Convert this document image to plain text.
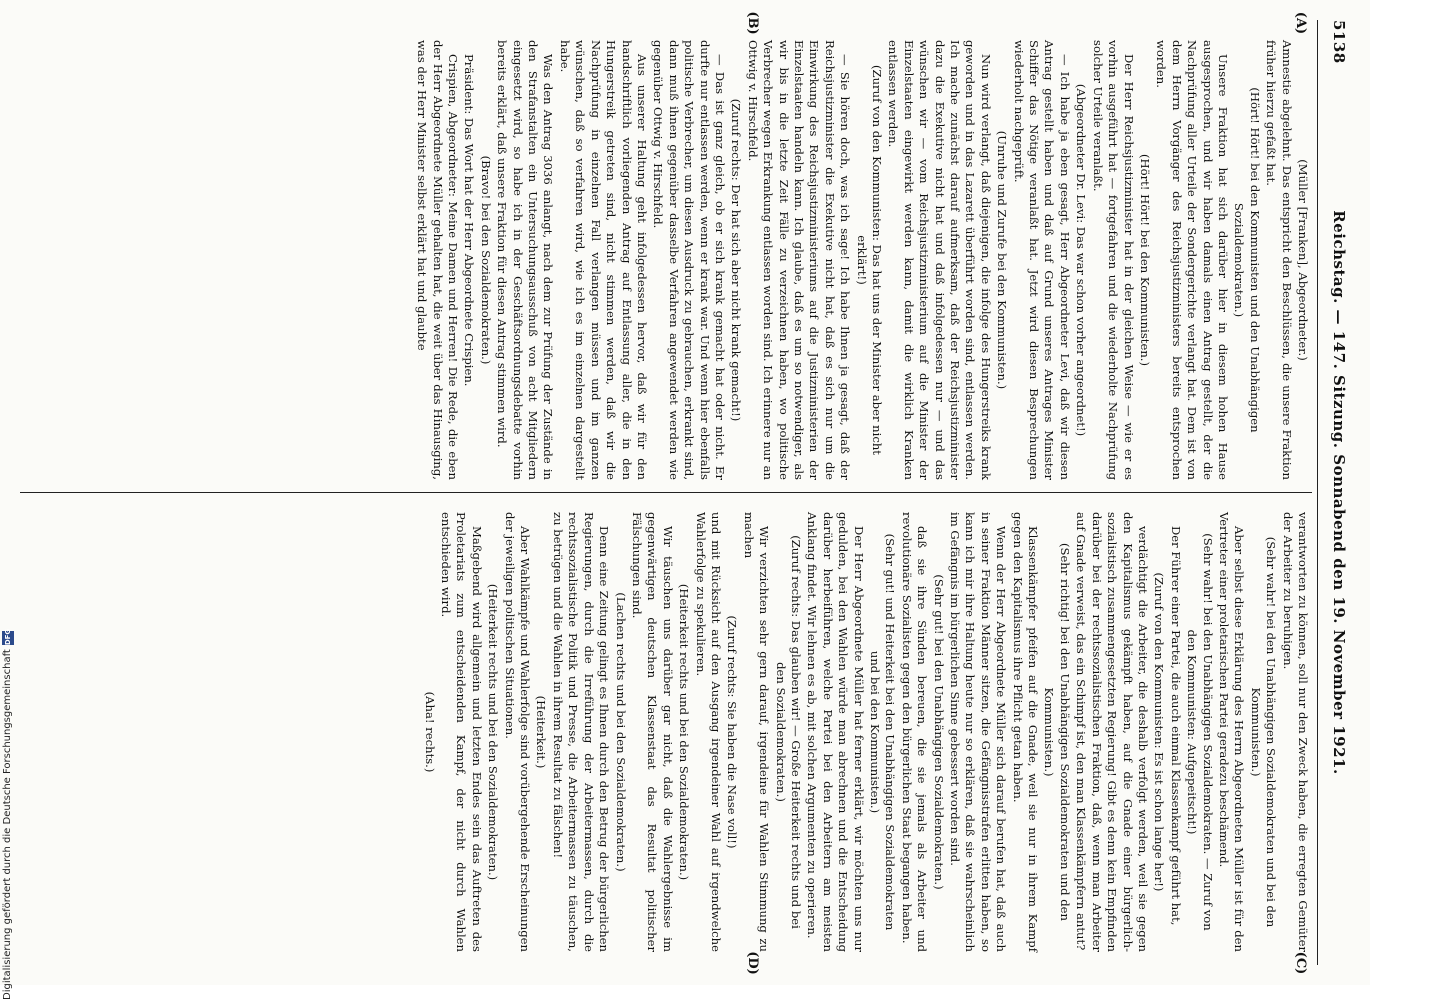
5138
Reichstag. — 147. Sitzung. Sonnabend den 19. November 1921.
(A)
(B)
(C)
(D)

(Müller [Franken], Abgeordneter.)

Amnestie abgelehnt. Das entspricht den Beschlüssen, die unsere Fraktion früher hierzu gefaßt hat.

(Hört! Hört! bei den Kommunisten und den Unabhängigen Sozialdemokraten.)

Unsere Fraktion hat sich darüber hier in diesem hohen Hause ausgesprochen, und wir haben damals einen Antrag gestellt, der die Nachprüfung aller Urteile der Sondergerichte verlangt hat. Dem ist von dem Herrn Vorgänger des Reichsjustizministers bereits entsprochen worden.

(Hört! Hört! bei den Kommunisten.)

Der Herr Reichsjustizminister hat in der gleichen Weise — wie er es vorhin ausgeführt hat — fortgefahren und die wiederholte Nachprüfung solcher Urteile veranlaßt.

(Abgeordneter Dr. Levi: Das war schon vorher angeordnet!)

— Ich habe ja eben gesagt, Herr Abgeordneter Levi, daß wir diesen Antrag gestellt haben und daß auf Grund unseres Antrages Minister Schiffer das Nötige veranlaßt hat. Jetzt wird diesen Besprechungen wiederholt nachgeprüft.

(Unruhe und Zurufe bei den Kommunisten.)

Nun wird verlangt, daß diejenigen, die infolge des Hungerstreiks krank geworden und in das Lazarett überführt worden sind, entlassen werden. Ich mache zunächst darauf aufmerksam, daß der Reichsjustizminister dazu die Exekutive nicht hat und daß infolgedessen nur — und das wünschen wir — vom Reichsjustizministerium auf die Minister der Einzelstaaten eingewirkt werden kann, damit die wirklich Kranken entlassen werden.

(Zuruf von den Kommunisten: Das hat uns der Minister aber nicht erklärt!)

— Sie hören doch, was ich sage! Ich habe Ihnen ja gesagt, daß der Reichsjustizminister die Exekutive nicht hat, daß es sich nur um die Einwirkung des Reichsjustizministeriums auf die Justizministerien der Einzelstaaten handeln kann. Ich glaube, daß es um so notwendiger, als wir bis in die letzte Zeit Fälle zu verzeichnen haben, wo politische Verbrecher wegen Erkrankung entlassen worden sind. Ich erinnere nur an Ottwig v. Hirschfeld.

(Zuruf rechts: Der hat sich aber nicht krank gemacht!)

— Das ist ganz gleich, ob er sich krank gemacht hat oder nicht. Er durfte nur entlassen werden, wenn er krank war. Und wenn hier ebenfalls politische Verbrecher, um diesen Ausdruck zu gebrauchen, erkrankt sind, dann muß ihnen gegenüber dasselbe Verfahren angewendet werden wie gegenüber Ottwig v. Hirschfeld.

Aus unserer Haltung geht infolgedessen hervor, daß wir für den handschriftlich vorliegenden Antrag auf Entlassung aller, die in den Hungerstreik getreten sind, nicht stimmen werden, daß wir die Nachprüfung in einzelnen Fall verlangen müssen und im ganzen wünschen, daß so verfahren wird, wie ich es im einzelnen dargestellt habe.

Was den Antrag 3036 anlangt, nach dem zur Prüfung der Zustände in den Strafanstalten ein Untersuchungsausschuß von acht Mitgliedern eingesetzt wird, so habe ich in der Geschäftsordnungsdebatte vorhin bereits erklärt, daß unsere Fraktion für diesen Antrag stimmen wird.

(Bravo! bei den Sozialdemokraten.)

Präsident: Das Wort hat der Herr Abgeordnete Crispien.

Crispien, Abgeordneter: Meine Damen und Herren! Die Rede, die eben der Herr Abgeordnete Müller gehalten hat, die weit über das Hinausging, was der Herr Minister selbst erklärt hat und glaubte

verantworten zu können, soll nur den Zweck haben, die erregten Gemüter der Arbeiter zu beruhigen.

(Sehr wahr! bei den Unabhängigen Sozialdemokraten und bei den Kommunisten.)

Aber selbst diese Erklärung des Herrn Abgeordneten Müller ist für den Vertreter einer proletarischen Partei geradezu beschämend.

(Sehr wahr! bei den Unabhängigen Sozialdemokraten. — Zuruf von den Kommunisten: Aufgepeitscht!)

Der Führer einer Partei, die auch einmal Klassenkampf geführt hat,

(Zuruf von den Kommunisten: Es ist schon lange her!)

verdächtigt die Arbeiter, die deshalb verfolgt werden, weil sie gegen den Kapitalismus gekämpft haben, auf die Gnade einer bürgerlich-sozialistisch zusammengesetzten Regierung! Gibt es denn kein Empfinden darüber bei der rechtssozialistischen Fraktion, daß, wenn man Arbeiter auf Gnade verweist, das ein Schimpf ist, den man Klassenkämpfern antut?

(Sehr richtig! bei den Unabhängigen Sozialdemokraten und den Kommunisten.)

Klassenkämpfer pfeifen auf die Gnade, weil sie nur in ihrem Kampf gegen den Kapitalismus ihre Pflicht getan haben.

Wenn der Herr Abgeordnete Müller sich darauf berufen hat, daß auch in seiner Fraktion Männer sitzen, die Gefängnisstrafen erlitten haben, so kann ich mir ihre Haltung heute nur so erklären, daß sie wahrscheinlich im Gefängnis im bürgerlichen Sinne gebessert worden sind.

(Sehr gut! bei den Unabhängigen Sozialdemokraten.)

daß sie ihre Sünden bereuen, die sie jemals als Arbeiter und revolutionäre Sozialisten gegen den bürgerlichen Staat begangen haben.

(Sehr gut! und Heiterkeit bei den Unabhängigen Sozialdemokraten und bei den Kommunisten.)

Der Herr Abgeordnete Müller hat ferner erklärt, wir möchten uns nur gedulden, bei den Wahlen würde man abrechnen und die Entscheidung darüber herbeiführen, welche Partei bei den Arbeitern am meisten Anklang findet. Wir lehnen es ab, mit solchen Argumenten zu operieren.

(Zuruf rechts: Das glauben wir! — Große Heiterkeit rechts und bei den Sozialdemokraten.)

Wir verzichten sehr gern darauf, irgendeine für Wahlen Stimmung zu machen

(Zuruf rechts: Sie haben die Nase voll!)

und mit Rücksicht auf den Ausgang irgendeiner Wahl auf irgendwelche Wahlerfolge zu spekulieren.

(Heiterkeit rechts und bei den Sozialdemokraten.)

Wir täuschen uns darüber gar nicht, daß die Wahlergebnisse im gegenwärtigen deutschen Klassenstaat das Resultat politischer Fälschungen sind.

(Lachen rechts und bei den Sozialdemokraten.)

Denn eine Zeitung gelingt es Ihnen durch den Betrug der bürgerlichen Regierungen, durch die Irreführung der Arbeitermassen, durch die rechtssozialistische Politik und Presse, die Arbeitermassen zu täuschen, zu betrügen und die Wahlen in ihrem Resultat zu fälschen!

(Heiterkeit.)

Aber Wahlkämpfe und Wahlerfolge sind vorübergehende Erscheinungen der jeweiligen politischen Situationen.

(Heiterkeit rechts und bei den Sozialdemokraten.)

Maßgebend wird allgemein und letzten Endes sein das Auftreten des Proletariats zum entscheidenden Kampf, der nicht durch Wahlen entschieden wird.

(Aha! rechts.)

Digitalisierung gefördert durch die Deutsche Forschungsgemeinschaft
DFG
